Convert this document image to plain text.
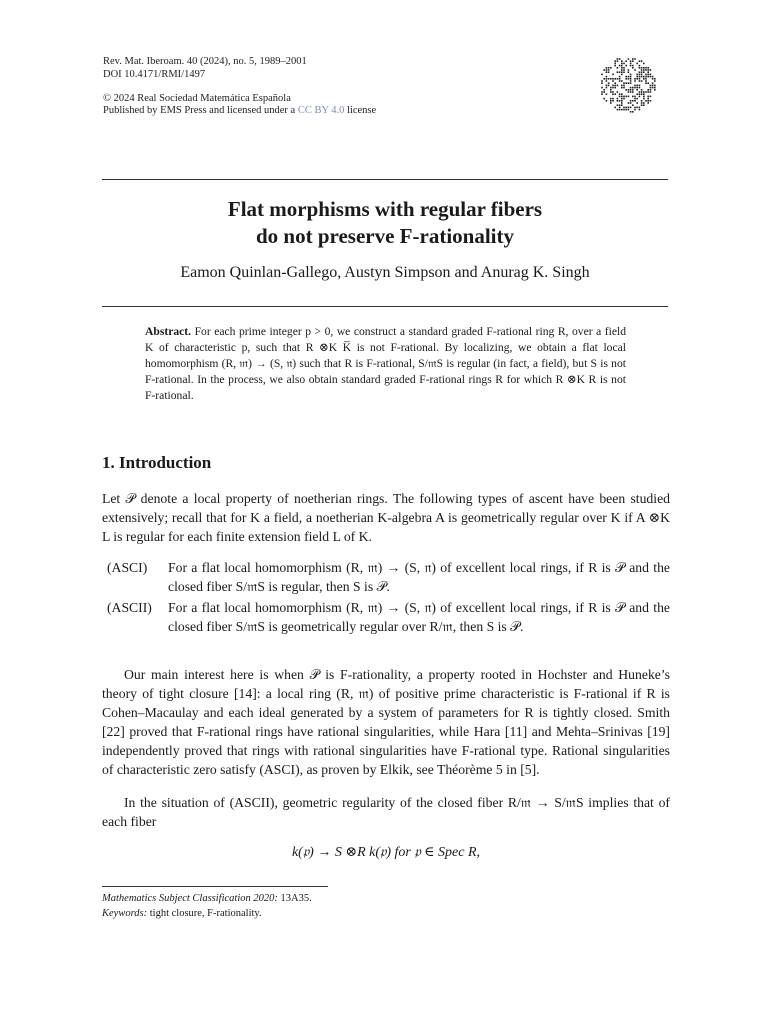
Rev. Mat. Iberoam. 40 (2024), no. 5, 1989–2001
DOI 10.4171/RMI/1497
© 2024 Real Sociedad Matemática Española
Published by EMS Press and licensed under a CC BY 4.0 license
Flat morphisms with regular fibers
do not preserve F-rationality
Eamon Quinlan-Gallego, Austyn Simpson and Anurag K. Singh
Abstract. For each prime integer p > 0, we construct a standard graded F-rational ring R, over a field K of characteristic p, such that R ⊗K K̅ is not F-rational. By localizing, we obtain a flat local homomorphism (R, 𝔪) → (S, 𝔫) such that R is F-rational, S/𝔪S is regular (in fact, a field), but S is not F-rational. In the process, we also obtain standard graded F-rational rings R for which R ⊗K R is not F-rational.
1. Introduction
Let 𝒫 denote a local property of noetherian rings. The following types of ascent have been studied extensively; recall that for K a field, a noetherian K-algebra A is geometrically regular over K if A ⊗K L is regular for each finite extension field L of K.
(ASCI) For a flat local homomorphism (R, 𝔪) → (S, 𝔫) of excellent local rings, if R is 𝒫 and the closed fiber S/𝔪S is regular, then S is 𝒫.
(ASCII) For a flat local homomorphism (R, 𝔪) → (S, 𝔫) of excellent local rings, if R is 𝒫 and the closed fiber S/𝔪S is geometrically regular over R/𝔪, then S is 𝒫.
Our main interest here is when 𝒫 is F-rationality, a property rooted in Hochster and Huneke’s theory of tight closure [14]: a local ring (R, 𝔪) of positive prime characteristic is F-rational if R is Cohen–Macaulay and each ideal generated by a system of parameters for R is tightly closed. Smith [22] proved that F-rational rings have rational singularities, while Hara [11] and Mehta–Srinivas [19] independently proved that rings with rational singularities have F-rational type. Rational singularities of characteristic zero satisfy (ASCI), as proven by Elkik, see Théorème 5 in [5].
In the situation of (ASCII), geometric regularity of the closed fiber R/𝔪 → S/𝔪S implies that of each fiber
k(𝔭) → S ⊗R k(𝔭) for 𝔭 ∈ Spec R,
Mathematics Subject Classification 2020: 13A35.
Keywords: tight closure, F-rationality.
